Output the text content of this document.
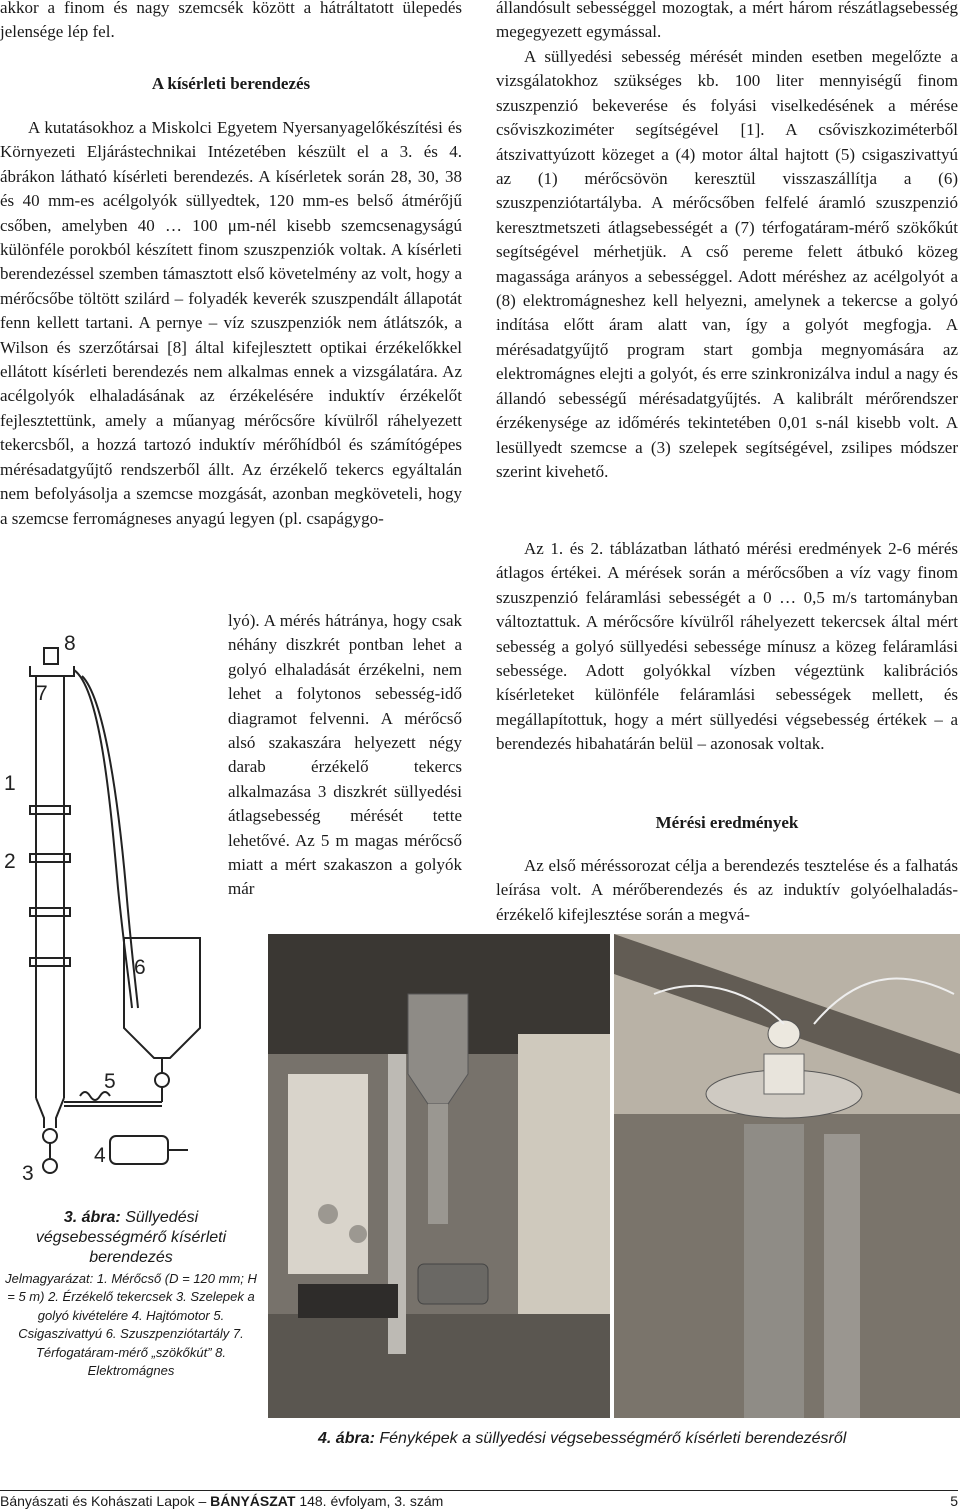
akkor a finom és nagy szemcsék között a hátráltatott ülepedés jelensége lép fel.

A kísérleti berendezés

A kutatásokhoz a Miskolci Egyetem Nyersanyagelőkészítési és Környezeti Eljárástechnikai Intézetében készült el a 3. és 4. ábrákon látható kísérleti berendezés. A kísérletek során 28, 30, 38 és 40 mm-es acélgolyók süllyedtek, 120 mm-es belső átmérőjű csőben, amelyben 40 … 100 μm-nél kisebb szemcsenagyságú különféle porokból készített finom szuszpenziók voltak. A kísérleti berendezéssel szemben támasztott első követelmény az volt, hogy a mérőcsőbe töltött szilárd – folyadék keverék szuszpendált állapotát fenn kellett tartani. A pernye – víz szuszpenziók nem átlátszók, a Wilson és szerzőtársai [8] által kifejlesztett optikai érzékelőkkel ellátott kísérleti berendezés nem alkalmas ennek a vizsgálatára. Az acélgolyók elhaladásának az érzékelésére induktív érzékelőt fejlesztettünk, amely a műanyag mérőcsőre kívülről ráhelyezett tekercsből, a hozzá tartozó induktív mérőhídból és számítógépes mérésadatgyűjtő rendszerből állt. Az érzékelő tekercs egyáltalán nem befolyásolja a szemcse mozgását, azonban megköveteli, hogy a szemcse ferromágneses anyagú legyen (pl. csapágygo-

lyó). A mérés hátránya, hogy csak néhány diszkrét pontban lehet a golyó elhaladását érzékelni, nem lehet a folytonos sebesség-idő diagramot felvenni. A mérőcső alsó szakaszára helyezett négy darab érzékelő tekercs alkalmazása 3 diszkrét süllyedési átlagsebesség mérését tette lehetővé. Az 5 m magas mérőcső miatt a mért szakaszon a golyók már

8
7
1
2
6
5
3
4

3. ábra: Süllyedési végsebességmérő kísérleti berendezés
Jelmagyarázat: 1. Mérőcső (D = 120 mm; H = 5 m) 2. Érzékelő tekercsek 3. Szelepek a golyó kivételére 4. Hajtómotor 5. Csigaszivattyú 6. Szuszpenziótartály 7. Térfogatáram-mérő „szökőkút” 8. Elektromágnes

állandósult sebességgel mozogtak, a mért három részátlagsebesség megegyezett egymással.

A süllyedési sebesség mérését minden esetben megelőzte a vizsgálatokhoz szükséges kb. 100 liter mennyiségű finom szuszpenzió bekeverése és folyási viselkedésének a mérése csőviszkoziméter segítségével [1]. A csőviszkoziméterből átszivattyúzott közeget a (4) motor által hajtott (5) csigaszivattyú az (1) mérőcsövön keresztül visszaszállítja a (6) szuszpenziótartályba. A mérőcsőben felfelé áramló szuszpenzió keresztmetszeti átlagsebességét a (7) térfogatáram-mérő szökőkút segítségével mérhetjük. A cső pereme felett átbukó közeg magassága arányos a sebességgel. Adott méréshez az acélgolyót a (8) elektromágneshez kell helyezni, amelynek a tekercse a golyó indítása előtt áram alatt van, így a golyót megfogja. A mérésadatgyűjtő program start gombja megnyomására az elektromágnes elejti a golyót, és erre szinkronizálva indul a nagy és állandó sebességű mérésadatgyűjtés. A kalibrált mérőrendszer érzékenysége az időmérés tekintetében 0,01 s-nál kisebb volt. A lesüllyedt szemcse a (3) szelepek segítségével, zsilipes módszer szerint kivehető.

Az 1. és 2. táblázatban látható mérési eredmények 2-6 mérés átlagos értékei. A mérések során a mérőcsőben a víz vagy finom szuszpenzió feláramlási sebességét a 0 … 0,5 m/s tartományban változtattuk. A mérőcsőre kívülről ráhelyezett tekercsek által mért sebesség a golyó süllyedési sebessége mínusz a közeg feláramlási sebessége. Adott golyókkal vízben végeztünk kalibrációs kísérleteket különféle feláramlási sebességek mellett, és megállapítottuk, hogy a mért süllyedési végsebesség értékek – a berendezés hibahatárán belül – azonosak voltak.

Mérési eredmények

Az első méréssorozat célja a berendezés tesztelése és a falhatás leírása volt. A mérőberendezés és az induktív golyóelhaladás-érzékelő kifejlesztése során a megvá-

4. ábra: Fényképek a süllyedési végsebességmérő kísérleti berendezésről

Bányászati és Kohászati Lapok – BÁNYÁSZAT 148. évfolyam, 3. szám	5
